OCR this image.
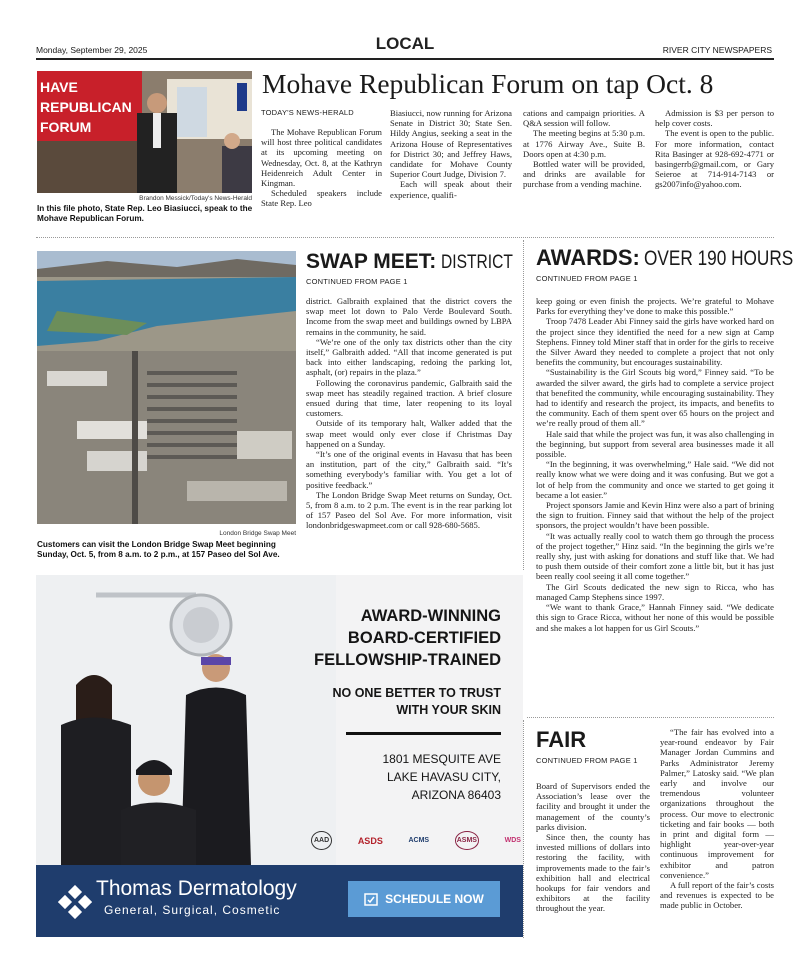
Monday, September 29, 2025	LOCAL	RIVER CITY NEWSPAPERS
HAVE REPUBLICAN FORUM
Brandon Messick/Today's News-Herald
In this file photo, State Rep. Leo Biasiucci, speak to the Mohave Republican Forum.
Mohave Republican Forum on tap Oct. 8
TODAY'S NEWS-HERALD

The Mohave Republican Forum will host three political candidates at its upcoming meeting on Wednesday, Oct. 8, at the Kathryn Heidenreich Adult Center in Kingman.

Scheduled speakers include State Rep. Leo

Biasiucci, now running for Arizona Senate in District 30; State Sen. Hildy Angius, seeking a seat in the Arizona House of Representatives for District 30; and Jeffrey Haws, candidate for Mohave County Superior Court Judge, Division 7.

Each will speak about their experience, qualifi-

cations and campaign priorities. A Q&A session will follow.

The meeting begins at 5:30 p.m. at 1776 Airway Ave., Suite B. Doors open at 4:30 p.m.

Bottled water will be provided, and drinks are available for purchase from a vending machine.

Admission is $3 per person to help cover costs.

The event is open to the public. For more information, contact Rita Basinger at 928-692-4771 or basingerrb@gmail.com, or Gary Seieroe at 714-914-7143 or gs2007info@yahoo.com.

London Bridge Swap Meet
Customers can visit the London Bridge Swap Meet beginning Sunday, Oct. 5, from 8 a.m. to 2 p.m., at 157 Paseo del Sol Ave.
SWAP MEET: DISTRICT
CONTINUED FROM PAGE 1

district. Galbraith explained that the district covers the swap meet lot down to Palo Verde Boulevard South. Income from the swap meet and buildings owned by LBPA remains in the community, he said.

“We’re one of the only tax districts other than the city itself,” Galbraith added. “All that income generated is put back into either landscaping, redoing the parking lot, asphalt, (or) repairs in the plaza.”

Following the coronavirus pandemic, Galbraith said the swap meet has steadily regained traction. A brief closure ensued during that time, later reopening to its loyal customers.

Outside of its temporary halt, Walker added that the swap meet would only ever close if Christmas Day happened on a Sunday.

“It’s one of the original events in Havasu that has been an institution, part of the city,” Galbraith said. “It’s something everybody’s familiar with. You get a lot of positive feedback.”

The London Bridge Swap Meet returns on Sunday, Oct. 5, from 8 a.m. to 2 p.m. The event is in the rear parking lot of 157 Paseo del Sol Ave. For more information, visit londonbridgeswapmeet.com or call 928-680-5685.

AWARDS: OVER 190 HOURS
CONTINUED FROM PAGE 1

keep going or even finish the projects. We’re grateful to Mohave Parks for everything they’ve done to make this possible.”

Troop 7478 Leader Abi Finney said the girls have worked hard on the project since they identified the need for a new sign at Camp Stephens. Finney told Miner staff that in order for the girls to receive the Silver Award they needed to complete a project that not only benefits the community, but encourages sustainability.

“Sustainability is the Girl Scouts big word,” Finney said. “To be awarded the silver award, the girls had to complete a service project that benefited the community, while encouraging sustainability. They had to identify and research the project, its impacts, and benefits to the community. Each of them spent over 65 hours on the project and we’re really proud of them all.”

Hale said that while the project was fun, it was also challenging in the beginning, but support from several area businesses made it all possible.

“In the beginning, it was overwhelming,” Hale said. “We did not really know what we were doing and it was confusing. But we got a lot of help from the community and once we started to get going it became a lot easier.”

Project sponsors Jamie and Kevin Hinz were also a part of brining the sign to fruition. Finney said that without the help of the project sponsors, the project wouldn’t have been possible.

“It was actually really cool to watch them go through the process of the project together,” Hinz said. “In the beginning the girls we’re really shy, just with asking for donations and stuff like that. We had to push them outside of their comfort zone a little bit, but it has just been really cool seeing it all come together.”

The Girl Scouts dedicated the new sign to Ricca, who has managed Camp Stephens since 1997.

“We want to thank Grace,” Hannah Finney said. “We dedicate this sign to Grace Ricca, without her none of this would be possible and she makes a lot happen for us Girl Scouts.”

FAIR
CONTINUED FROM PAGE 1

Board of Supervisors ended the Association’s lease over the facility and brought it under the management of the county’s parks division.

Since then, the county has invested millions of dollars into restoring the facility, with improvements made to the fair’s exhibition hall and electrical hookups for fair vendors and exhibitors at the facility throughout the year.

“The fair has evolved into a year-round endeavor by Fair Manager Jordan Cummins and Parks Administrator Jeremy Palmer,” Latosky said. “We plan early and involve our tremendous volunteer organizations throughout the process. Our move to electronic ticketing and fair books — both in print and digital form — highlight year-over-year continuous improvement for exhibitor and patron convenience.”

A full report of the fair’s costs and revenues is expected to be made public in October.

AWARD-WINNING
BOARD-CERTIFIED
FELLOWSHIP-TRAINED
NO ONE BETTER TO TRUST
WITH YOUR SKIN
1801 MESQUITE AVE
LAKE HAVASU CITY,
ARIZONA 86403
AAD	ASDS	ACMS	ASMS	WDS
Thomas Dermatology
General, Surgical, Cosmetic
SCHEDULE NOW
